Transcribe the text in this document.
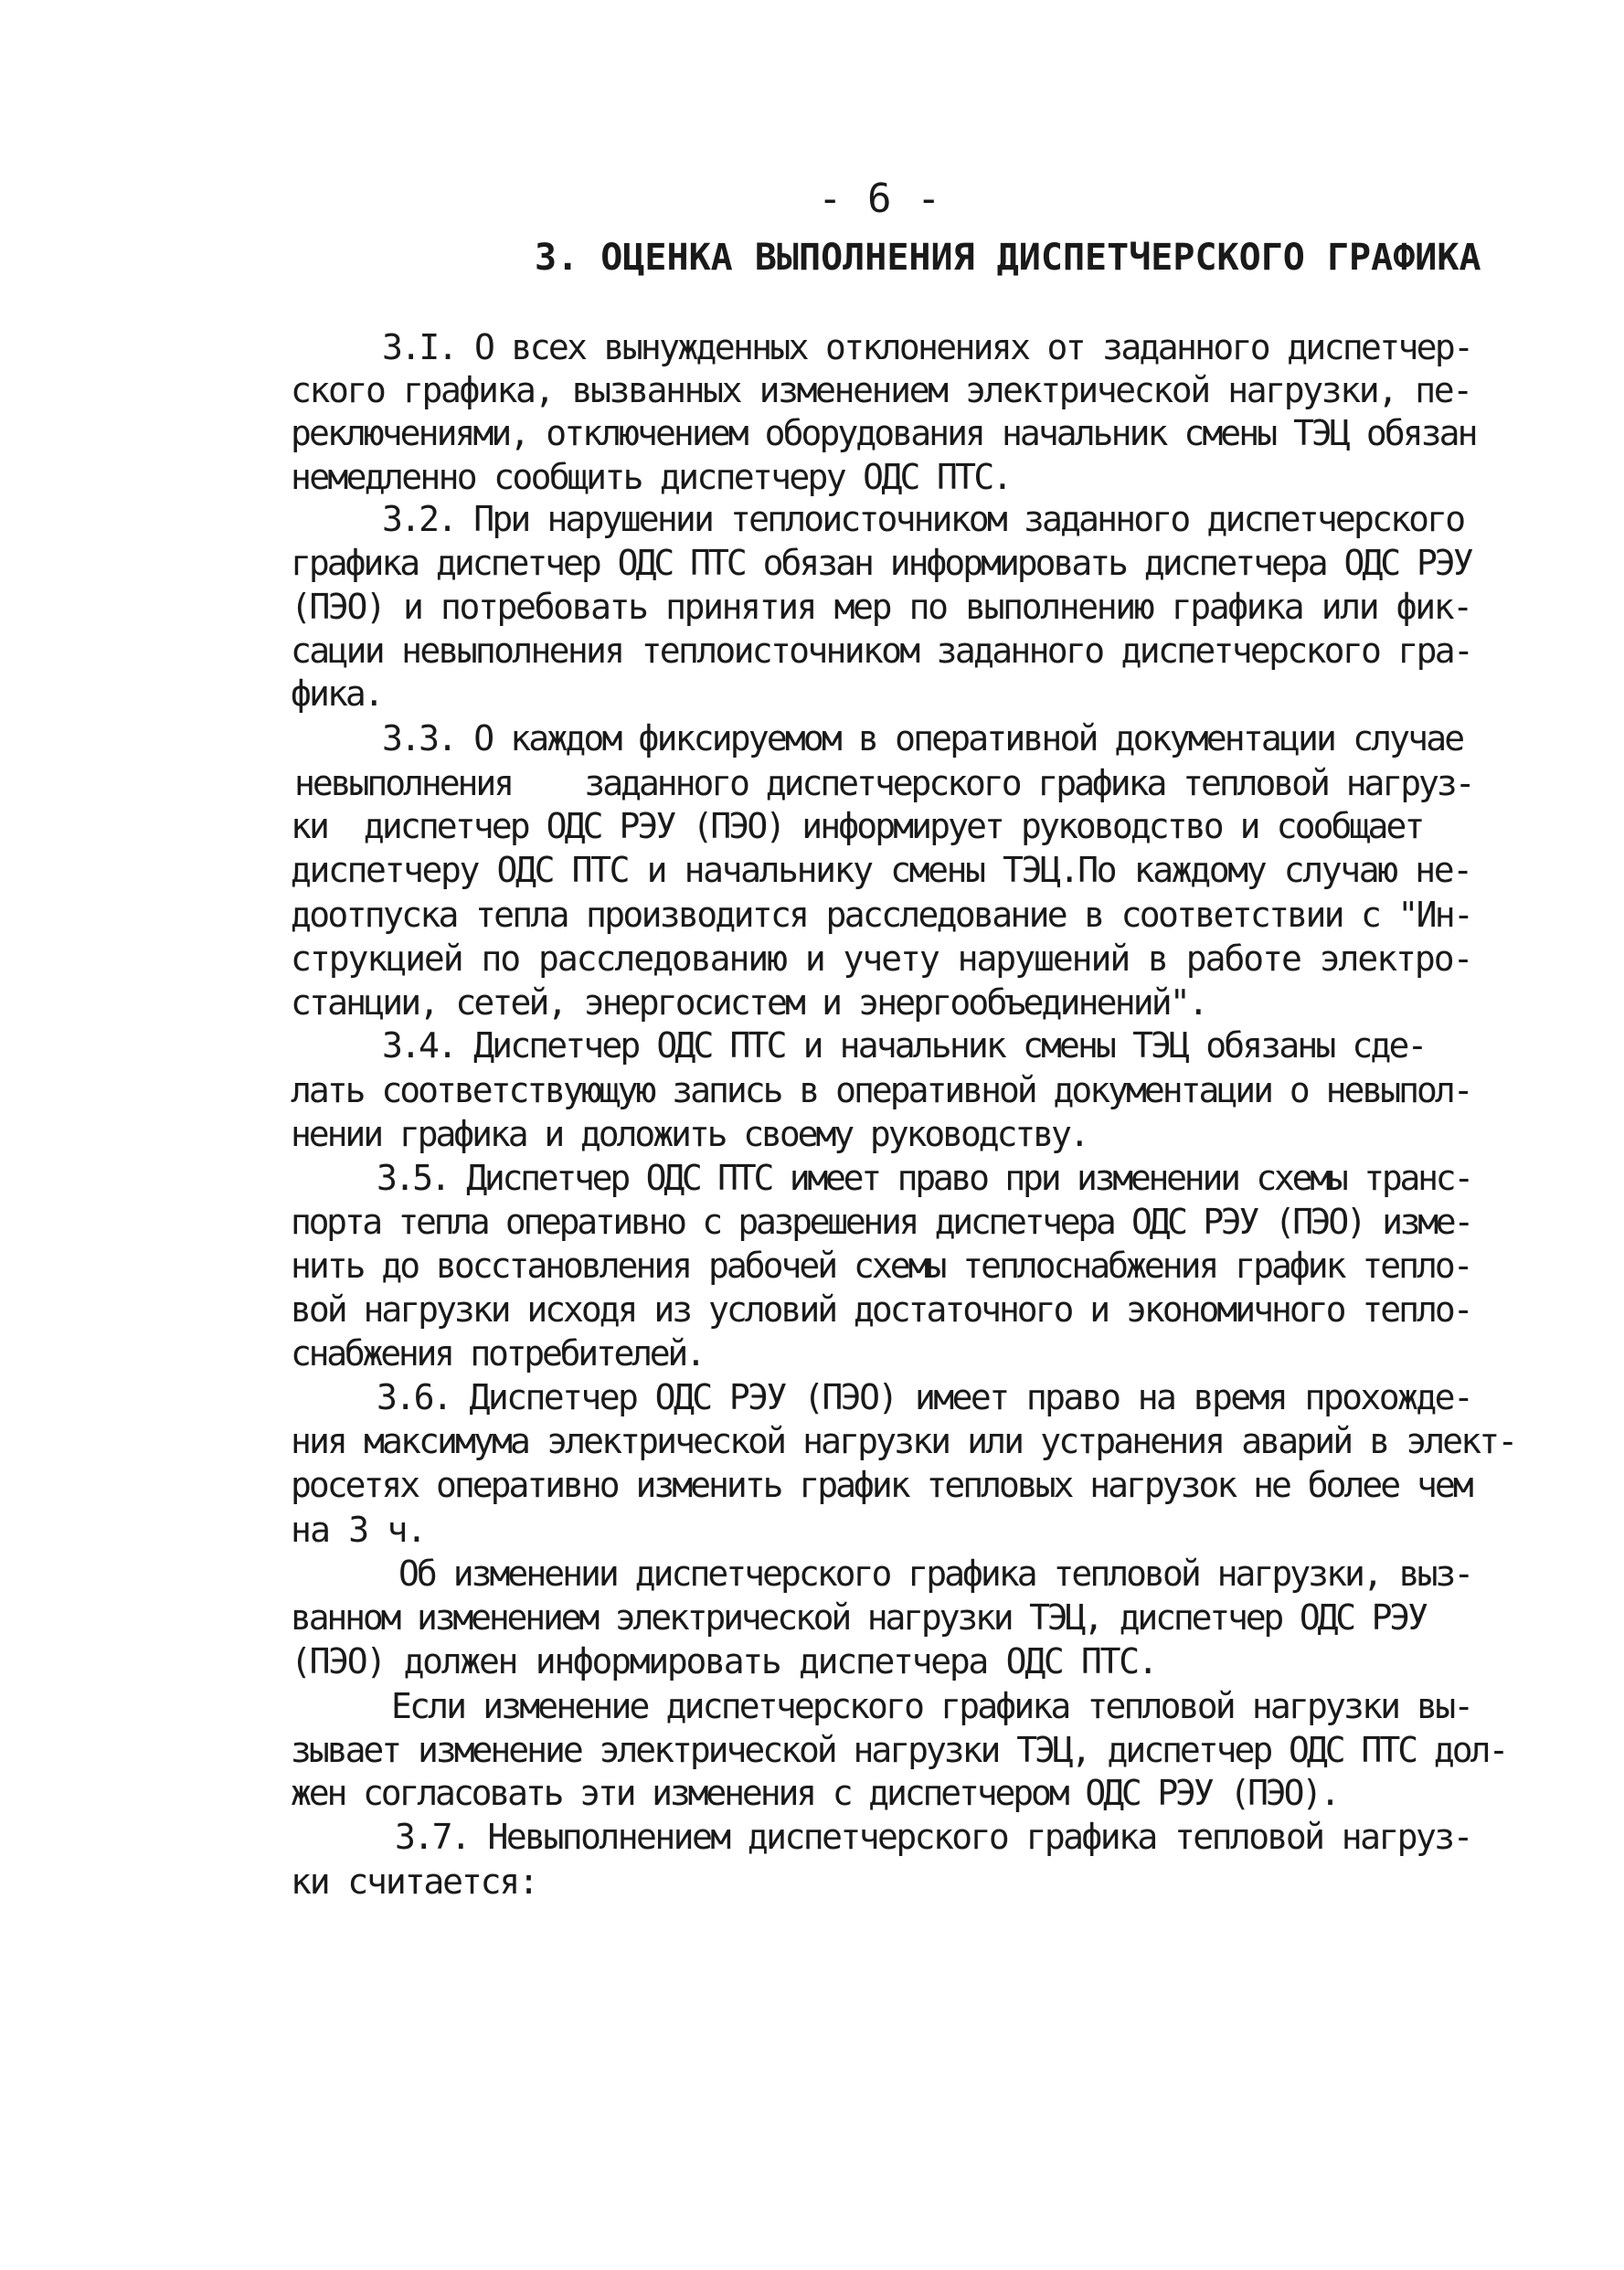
- 6 -
3. ОЦЕНКА ВЫПОЛНЕНИЯ ДИСПЕТЧЕРСКОГО ГРАФИКА
3.I. О всех вынужденных отклонениях от заданного диспетчер-
ского графика, вызванных изменением электрической нагрузки, пе-
реключениями, отключением оборудования начальник смены ТЭЦ обязан
немедленно сообщить диспетчеру ОДС ПТС.
3.2. При нарушении теплоисточником заданного диспетчерского
графика диспетчер ОДС ПТС обязан информировать диспетчера ОДС РЭУ
(ПЭО) и потребовать принятия мер по выполнению графика или фик-
сации невыполнения теплоисточником заданного диспетчерского гра-
фика.
3.3. О каждом фиксируемом в оперативной документации случае
невыполнения    заданного диспетчерского графика тепловой нагруз-
ки  диспетчер ОДС РЭУ (ПЭО) информирует руководство и сообщает
диспетчеру ОДС ПТС и начальнику смены ТЭЦ.По каждому случаю не-
доотпуска тепла производится расследование в соответствии с "Ин-
струкцией по расследованию и учету нарушений в работе электро-
станции, сетей, энергосистем и энергообъединений".
3.4. Диспетчер ОДС ПТС и начальник смены ТЭЦ обязаны сде-
лать соответствующую запись в оперативной документации о невыпол-
нении графика и доложить своему руководству.
3.5. Диспетчер ОДС ПТС имеет право при изменении схемы транс-
порта тепла оперативно с разрешения диспетчера ОДС РЭУ (ПЭО) изме-
нить до восстановления рабочей схемы теплоснабжения график тепло-
вой нагрузки исходя из условий достаточного и экономичного тепло-
снабжения потребителей.
3.6. Диспетчер ОДС РЭУ (ПЭО) имеет право на время прохожде-
ния максимума электрической нагрузки или устранения аварий в элект-
росетях оперативно изменить график тепловых нагрузок не более чем
на 3 ч.
Об изменении диспетчерского графика тепловой нагрузки, выз-
ванном изменением электрической нагрузки ТЭЦ, диспетчер ОДС РЭУ
(ПЭО) должен информировать диспетчера ОДС ПТС.
Если изменение диспетчерского графика тепловой нагрузки вы-
зывает изменение электрической нагрузки ТЭЦ, диспетчер ОДС ПТС дол-
жен согласовать эти изменения с диспетчером ОДС РЭУ (ПЭО).
3.7. Невыполнением диспетчерского графика тепловой нагруз-
ки считается:
